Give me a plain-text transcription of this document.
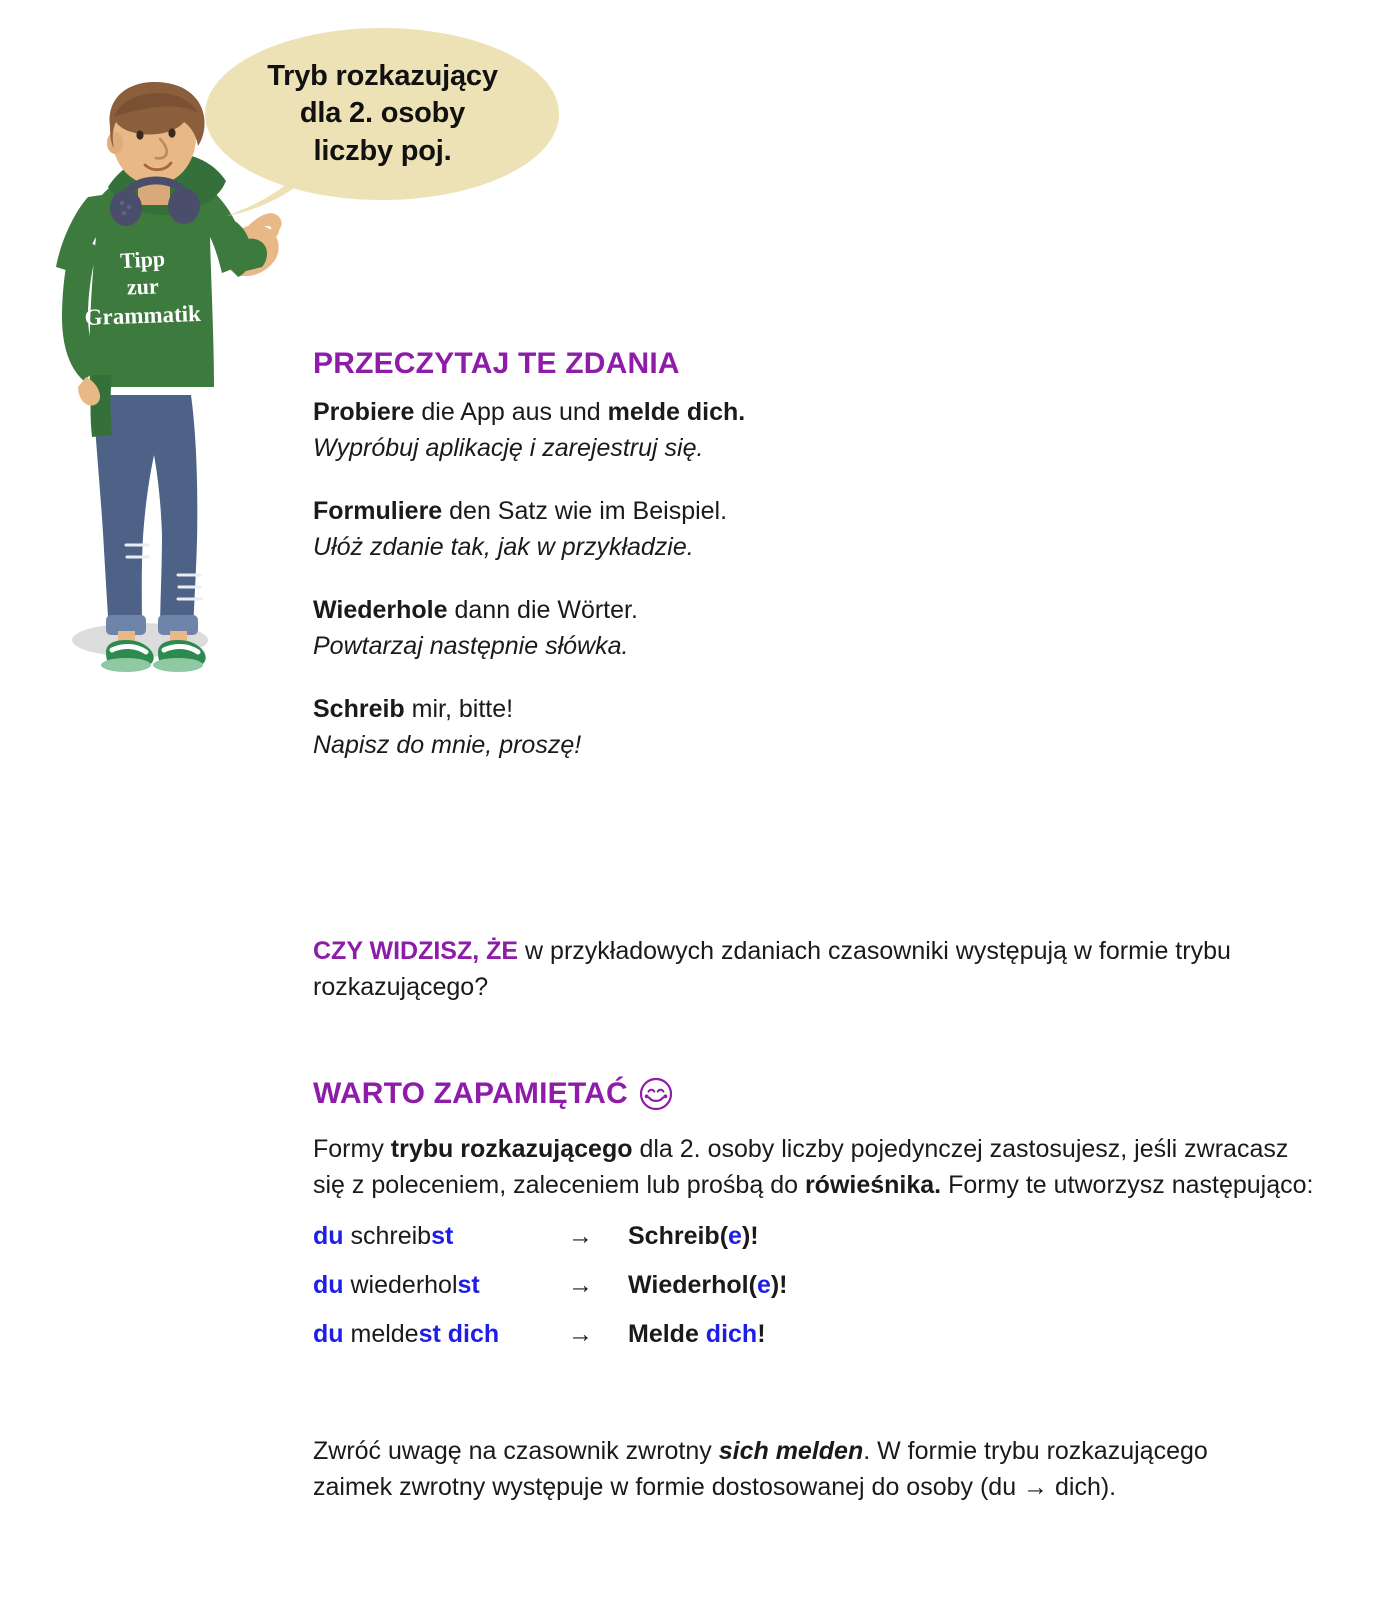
Tipp
zur
Grammatik
Tryb rozkazujący
dla 2. osoby
liczby poj.
PRZECZYTAJ TE ZDANIA
Probiere die App aus und melde dich.
Wypróbuj aplikację i zarejestruj się.
Formuliere den Satz wie im Beispiel.
Ułóż zdanie tak, jak w przykładzie.
Wiederhole dann die Wörter.
Powtarzaj następnie słówka.
Schreib mir, bitte!
Napisz do mnie, proszę!

CZY WIDZISZ, ŻE w przykładowych zdaniach czasowniki występują w formie trybu rozkazującego?

WARTO ZAPAMIĘTAĆ

Formy trybu rozkazującego dla 2. osoby liczby pojedynczej zastosujesz, jeśli zwracasz się z poleceniem, zaleceniem lub prośbą do rówieśnika. Formy te utworzysz następująco:

du schreibst	→	Schreib(e)!
du wiederholst	→	Wiederhol(e)!
du meldest dich	→	Melde dich!

Zwróć uwagę na czasownik zwrotny sich melden. W formie trybu rozkazującego zaimek zwrotny występuje w formie dostosowanej do osoby (du → dich).
